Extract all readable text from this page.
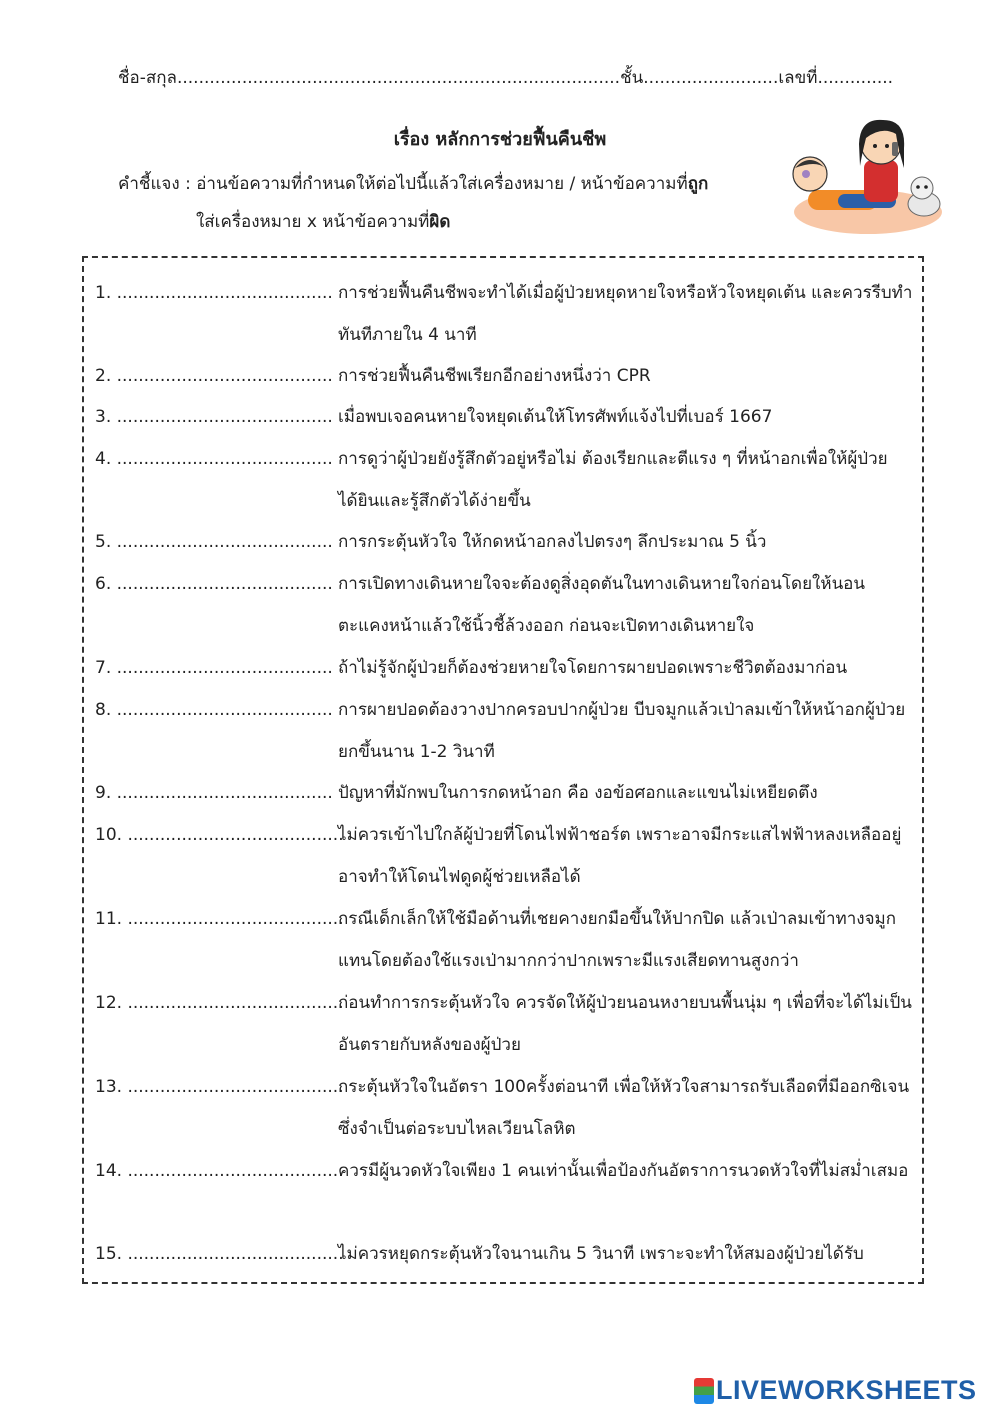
ชื่อ-สกุล..................................................................................ชั้น.........................เลขที่..............
เรื่อง หลักการช่วยฟื้นคืนชีพ
คำชี้แจง : อ่านข้อความที่กำหนดให้ต่อไปนี้แล้วใส่เครื่องหมาย / หน้าข้อความที่ถูก
ใส่เครื่องหมาย x หน้าข้อความที่ผิด
1. ........................................ การช่วยฟื้นคืนชีพจะทำได้เมื่อผู้ป่วยหยุดหายใจหรือหัวใจหยุดเต้น และควรรีบทำทันทีภายใน 4 นาที
2. ........................................ การช่วยฟื้นคืนชีพเรียกอีกอย่างหนึ่งว่า CPR
3. ........................................ เมื่อพบเจอคนหายใจหยุดเต้นให้โทรศัพท์แจ้งไปที่เบอร์ 1667
4. ........................................ การดูว่าผู้ป่วยยังรู้สึกตัวอยู่หรือไม่ ต้องเรียกและตีแรง ๆ ที่หน้าอกเพื่อให้ผู้ป่วยได้ยินและรู้สึกตัวได้ง่ายขึ้น
5. ........................................ การกระตุ้นหัวใจ ให้กดหน้าอกลงไปตรงๆ ลึกประมาณ 5 นิ้ว
6. ........................................ การเปิดทางเดินหายใจจะต้องดูสิ่งอุดตันในทางเดินหายใจก่อนโดยให้นอนตะแคงหน้าแล้วใช้นิ้วชี้ล้วงออก ก่อนจะเปิดทางเดินหายใจ
7. ........................................ ถ้าไม่รู้จักผู้ป่วยก็ต้องช่วยหายใจโดยการผายปอดเพราะชีวิตต้องมาก่อน
8. ........................................ การผายปอดต้องวางปากครอบปากผู้ป่วย บีบจมูกแล้วเป่าลมเข้าให้หน้าอกผู้ป่วยยกขึ้นนาน 1-2 วินาที
9. ........................................ ปัญหาที่มักพบในการกดหน้าอก คือ งอข้อศอกและแขนไม่เหยียดตึง
10. ........................................
ไม่ควรเข้าไปใกล้ผู้ป่วยที่โดนไฟฟ้าชอร์ต เพราะอาจมีกระแสไฟฟ้าหลงเหลืออยู่อาจทำให้โดนไฟดูดผู้ช่วยเหลือได้
11. ........................................
กรณีเด็กเล็กให้ใช้มือด้านที่เชยคางยกมือขึ้นให้ปากปิด แล้วเป่าลมเข้าทางจมูกแทนโดยต้องใช้แรงเป่ามากกว่าปากเพราะมีแรงเสียดทานสูงกว่า
12. ........................................
ก่อนทำการกระตุ้นหัวใจ ควรจัดให้ผู้ป่วยนอนหงายบนพื้นนุ่ม ๆ เพื่อที่จะได้ไม่เป็นอันตรายกับหลังของผู้ป่วย
13. ........................................
กระตุ้นหัวใจในอัตรา 100ครั้งต่อนาที เพื่อให้หัวใจสามารถรับเลือดที่มีออกซิเจน ซึ่งจำเป็นต่อระบบไหลเวียนโลหิต
14. ........................................
ควรมีผู้นวดหัวใจเพียง 1 คนเท่านั้นเพื่อป้องกันอัตราการนวดหัวใจที่ไม่สม่ำเสมอ
15. ........................................
ไม่ควรหยุดกระตุ้นหัวใจนานเกิน 5 วินาที เพราะจะทำให้สมองผู้ป่วยได้รับ
LIVEWORKSHEETS
